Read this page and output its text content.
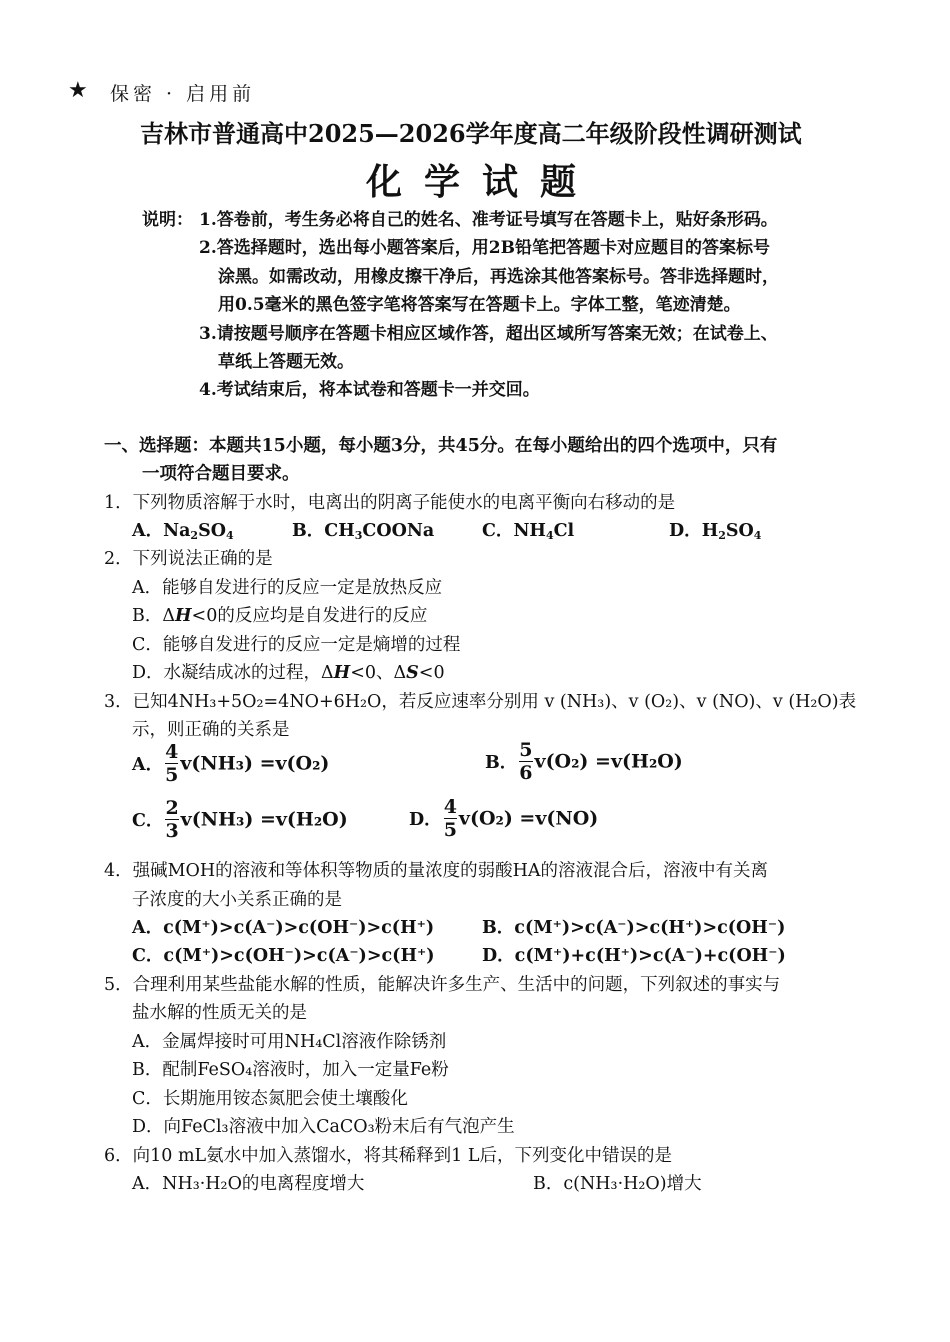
★ 保密 · 启用前
吉林市普通高中2025—2026学年度高二年级阶段性调研测试
化学试题
说明： 1.答卷前，考生务必将自己的姓名、准考证号填写在答题卡上，贴好条形码。
2.答选择题时，选出每小题答案后，用2B铅笔把答题卡对应题目的答案标号
涂黑。如需改动，用橡皮擦干净后，再选涂其他答案标号。答非选择题时，
用0.5毫米的黑色签字笔将答案写在答题卡上。字体工整，笔迹清楚。
3.请按题号顺序在答题卡相应区域作答，超出区域所写答案无效；在试卷上、
草纸上答题无效。
4.考试结束后，将本试卷和答题卡一并交回。
一、选择题：本题共15小题，每小题3分，共45分。在每小题给出的四个选项中，只有
一项符合题目要求。
1．下列物质溶解于水时，电离出的阴离子能使水的电离平衡向右移动的是
A．$Na_2SO_4$	B．$CH_3COONa$	C．$NH_4Cl$	D．$H_2SO_4$
2．下列说法正确的是
A．能够自发进行的反应一定是放热反应
B．ΔH<0的反应均是自发进行的反应
C．能够自发进行的反应一定是熵增的过程
D．水凝结成冰的过程，ΔH<0、ΔS<0
3．已知4NH₃+5O₂=4NO+6H₂O，若反应速率分别用 v (NH₃)、v (O₂)、v (NO)、v (H₂O)表
示，则正确的关系是
A． $\frac{4}{5} v(NH_3) =v(O_2)$	B． $\frac{5}{6} v(O_2) =v(H_2O)$
C． $\frac{2}{3} v(NH_3) =v(H_2O)$	D． $\frac{4}{5} v(O_2) =v(NO)$
4．强碱MOH的溶液和等体积等物质的量浓度的弱酸HA的溶液混合后，溶液中有关离
子浓度的大小关系正确的是
A．c(M⁺)>c(A⁻)>c(OH⁻)>c(H⁺)	B．c(M⁺)>c(A⁻)>c(H⁺)>c(OH⁻)
C．c(M⁺)>c(OH⁻)>c(A⁻)>c(H⁺)	D．c(M⁺)+c(H⁺)>c(A⁻)+c(OH⁻)
5．合理利用某些盐能水解的性质，能解决许多生产、生活中的问题，下列叙述的事实与
盐水解的性质无关的是
A．金属焊接时可用NH₄Cl溶液作除锈剂
B．配制FeSO₄溶液时，加入一定量Fe粉
C．长期施用铵态氮肥会使土壤酸化
D．向FeCl₃溶液中加入CaCO₃粉末后有气泡产生
6．向10 mL氨水中加入蒸馏水，将其稀释到1 L后，下列变化中错误的是
A．NH₃·H₂O的电离程度增大	B．c(NH₃·H₂O)增大
